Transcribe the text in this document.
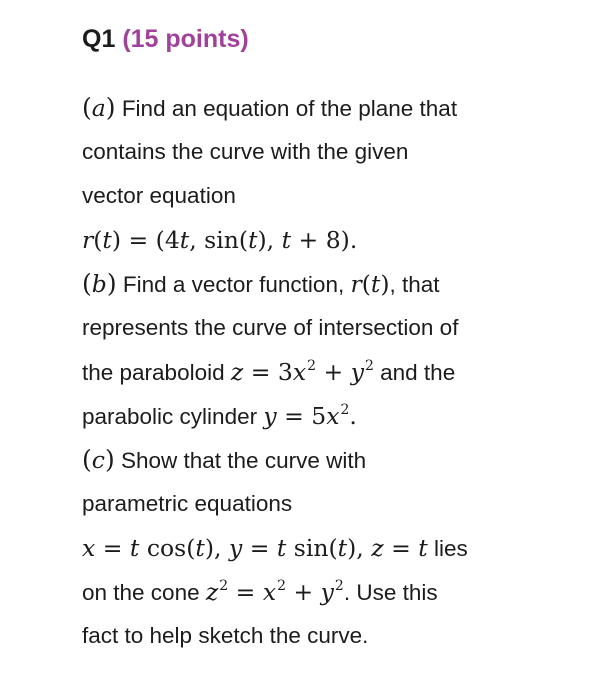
Q1 (15 points)
(a) Find an equation of the plane that
contains the curve with the given
vector equation
r(t) = (4t, sin(t), t + 8).
(b) Find a vector function, r(t), that
represents the curve of intersection of
the paraboloid $z = 3x^2 + y^2$ and the
parabolic cylinder $y = 5x^2$.
(c) Show that the curve with
parametric equations
x = t cos(t), y = t sin(t), z = t lies
on the cone $z^2 = x^2 + y^2$. Use this
fact to help sketch the curve.
